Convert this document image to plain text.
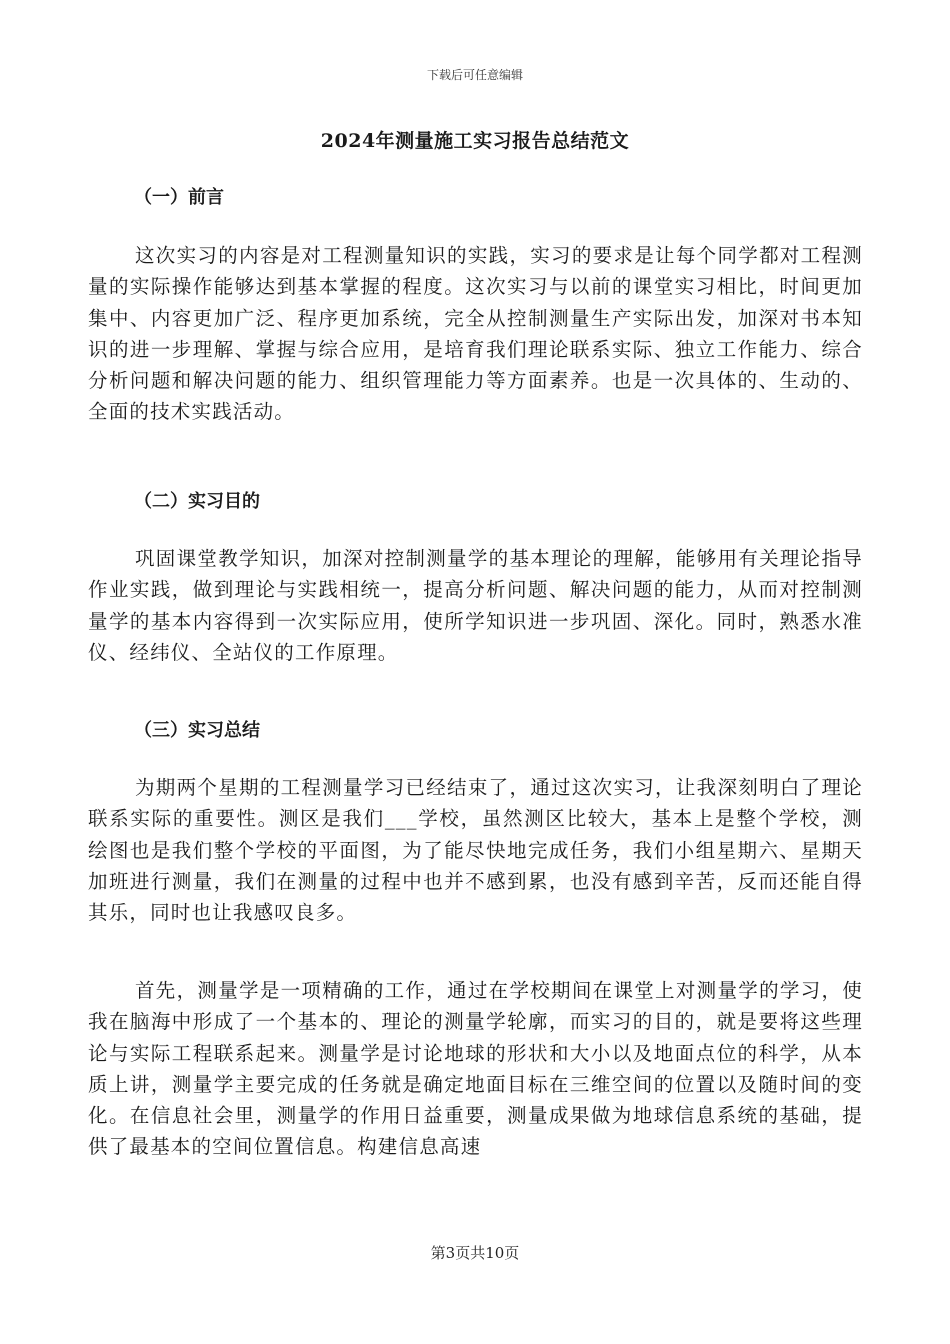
下载后可任意编辑
2024年测量施工实习报告总结范文
（一）前言
这次实习的内容是对工程测量知识的实践，实习的要求是让每个同学都对工程测量的实际操作能够达到基本掌握的程度。这次实习与以前的课堂实习相比，时间更加集中、内容更加广泛、程序更加系统，完全从控制测量生产实际出发，加深对书本知识的进一步理解、掌握与综合应用，是培育我们理论联系实际、独立工作能力、综合分析问题和解决问题的能力、组织管理能力等方面素养。也是一次具体的、生动的、全面的技术实践活动。
（二）实习目的
巩固课堂教学知识，加深对控制测量学的基本理论的理解，能够用有关理论指导作业实践，做到理论与实践相统一，提高分析问题、解决问题的能力，从而对控制测量学的基本内容得到一次实际应用，使所学知识进一步巩固、深化。同时，熟悉水准仪、经纬仪、全站仪的工作原理。
（三）实习总结
为期两个星期的工程测量学习已经结束了，通过这次实习，让我深刻明白了理论联系实际的重要性。测区是我们___学校，虽然测区比较大，基本上是整个学校，测绘图也是我们整个学校的平面图，为了能尽快地完成任务，我们小组星期六、星期天加班进行测量，我们在测量的过程中也并不感到累，也没有感到辛苦，反而还能自得其乐，同时也让我感叹良多。
首先，测量学是一项精确的工作，通过在学校期间在课堂上对测量学的学习，使我在脑海中形成了一个基本的、理论的测量学轮廓，而实习的目的，就是要将这些理论与实际工程联系起来。测量学是讨论地球的形状和大小以及地面点位的科学，从本质上讲，测量学主要完成的任务就是确定地面目标在三维空间的位置以及随时间的变化。在信息社会里，测量学的作用日益重要，测量成果做为地球信息系统的基础，提供了最基本的空间位置信息。构建信息高速
第3页共10页
